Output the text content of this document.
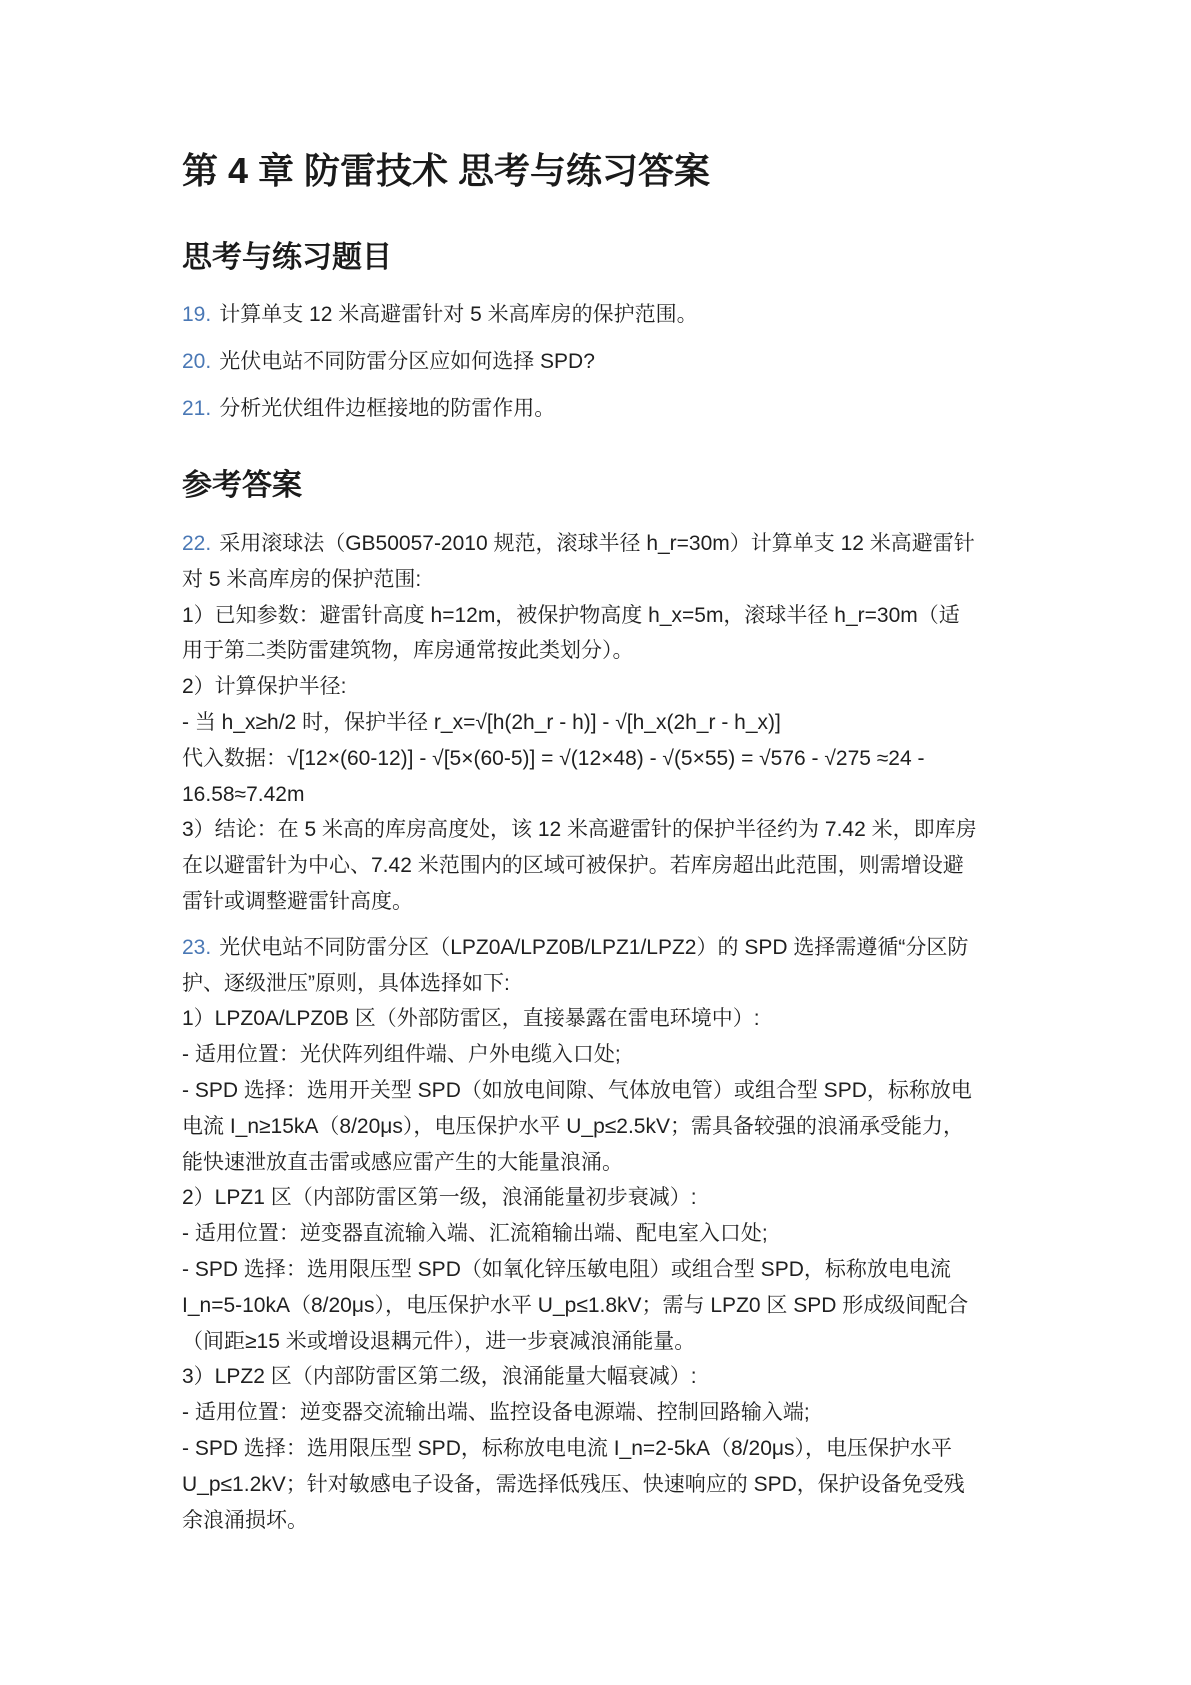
第 4 章 防雷技术 思考与练习答案
思考与练习题目
19. 计算单支 12 米高避雷针对 5 米高库房的保护范围。
20. 光伏电站不同防雷分区应如何选择 SPD?
21. 分析光伏组件边框接地的防雷作用。
参考答案
22. 采用滚球法（GB50057-2010 规范，滚球半径 h_r=30m）计算单支 12 米高避雷针
对 5 米高库房的保护范围:
1）已知参数：避雷针高度 h=12m，被保护物高度 h_x=5m，滚球半径 h_r=30m（适
用于第二类防雷建筑物，库房通常按此类划分）。
2）计算保护半径:
- 当 h_x≥h/2 时，保护半径 r_x=√[h(2h_r - h)] - √[h_x(2h_r - h_x)]
代入数据：√[12×(60-12)] - √[5×(60-5)] = √(12×48) - √(5×55) = √576 - √275 ≈24 -
16.58≈7.42m
3）结论：在 5 米高的库房高度处，该 12 米高避雷针的保护半径约为 7.42 米，即库房
在以避雷针为中心、7.42 米范围内的区域可被保护。若库房超出此范围，则需增设避
雷针或调整避雷针高度。
23. 光伏电站不同防雷分区（LPZ0A/LPZ0B/LPZ1/LPZ2）的 SPD 选择需遵循“分区防
护、逐级泄压”原则，具体选择如下:
1）LPZ0A/LPZ0B 区（外部防雷区，直接暴露在雷电环境中）:
- 适用位置：光伏阵列组件端、户外电缆入口处;
- SPD 选择：选用开关型 SPD（如放电间隙、气体放电管）或组合型 SPD，标称放电
电流 I_n≥15kA（8/20μs），电压保护水平 U_p≤2.5kV；需具备较强的浪涌承受能力，
能快速泄放直击雷或感应雷产生的大能量浪涌。
2）LPZ1 区（内部防雷区第一级，浪涌能量初步衰减）:
- 适用位置：逆变器直流输入端、汇流箱输出端、配电室入口处;
- SPD 选择：选用限压型 SPD（如氧化锌压敏电阻）或组合型 SPD，标称放电电流
I_n=5-10kA（8/20μs），电压保护水平 U_p≤1.8kV；需与 LPZ0 区 SPD 形成级间配合
（间距≥15 米或增设退耦元件），进一步衰减浪涌能量。
3）LPZ2 区（内部防雷区第二级，浪涌能量大幅衰减）:
- 适用位置：逆变器交流输出端、监控设备电源端、控制回路输入端;
- SPD 选择：选用限压型 SPD，标称放电电流 I_n=2-5kA（8/20μs），电压保护水平
U_p≤1.2kV；针对敏感电子设备，需选择低残压、快速响应的 SPD，保护设备免受残
余浪涌损坏。
